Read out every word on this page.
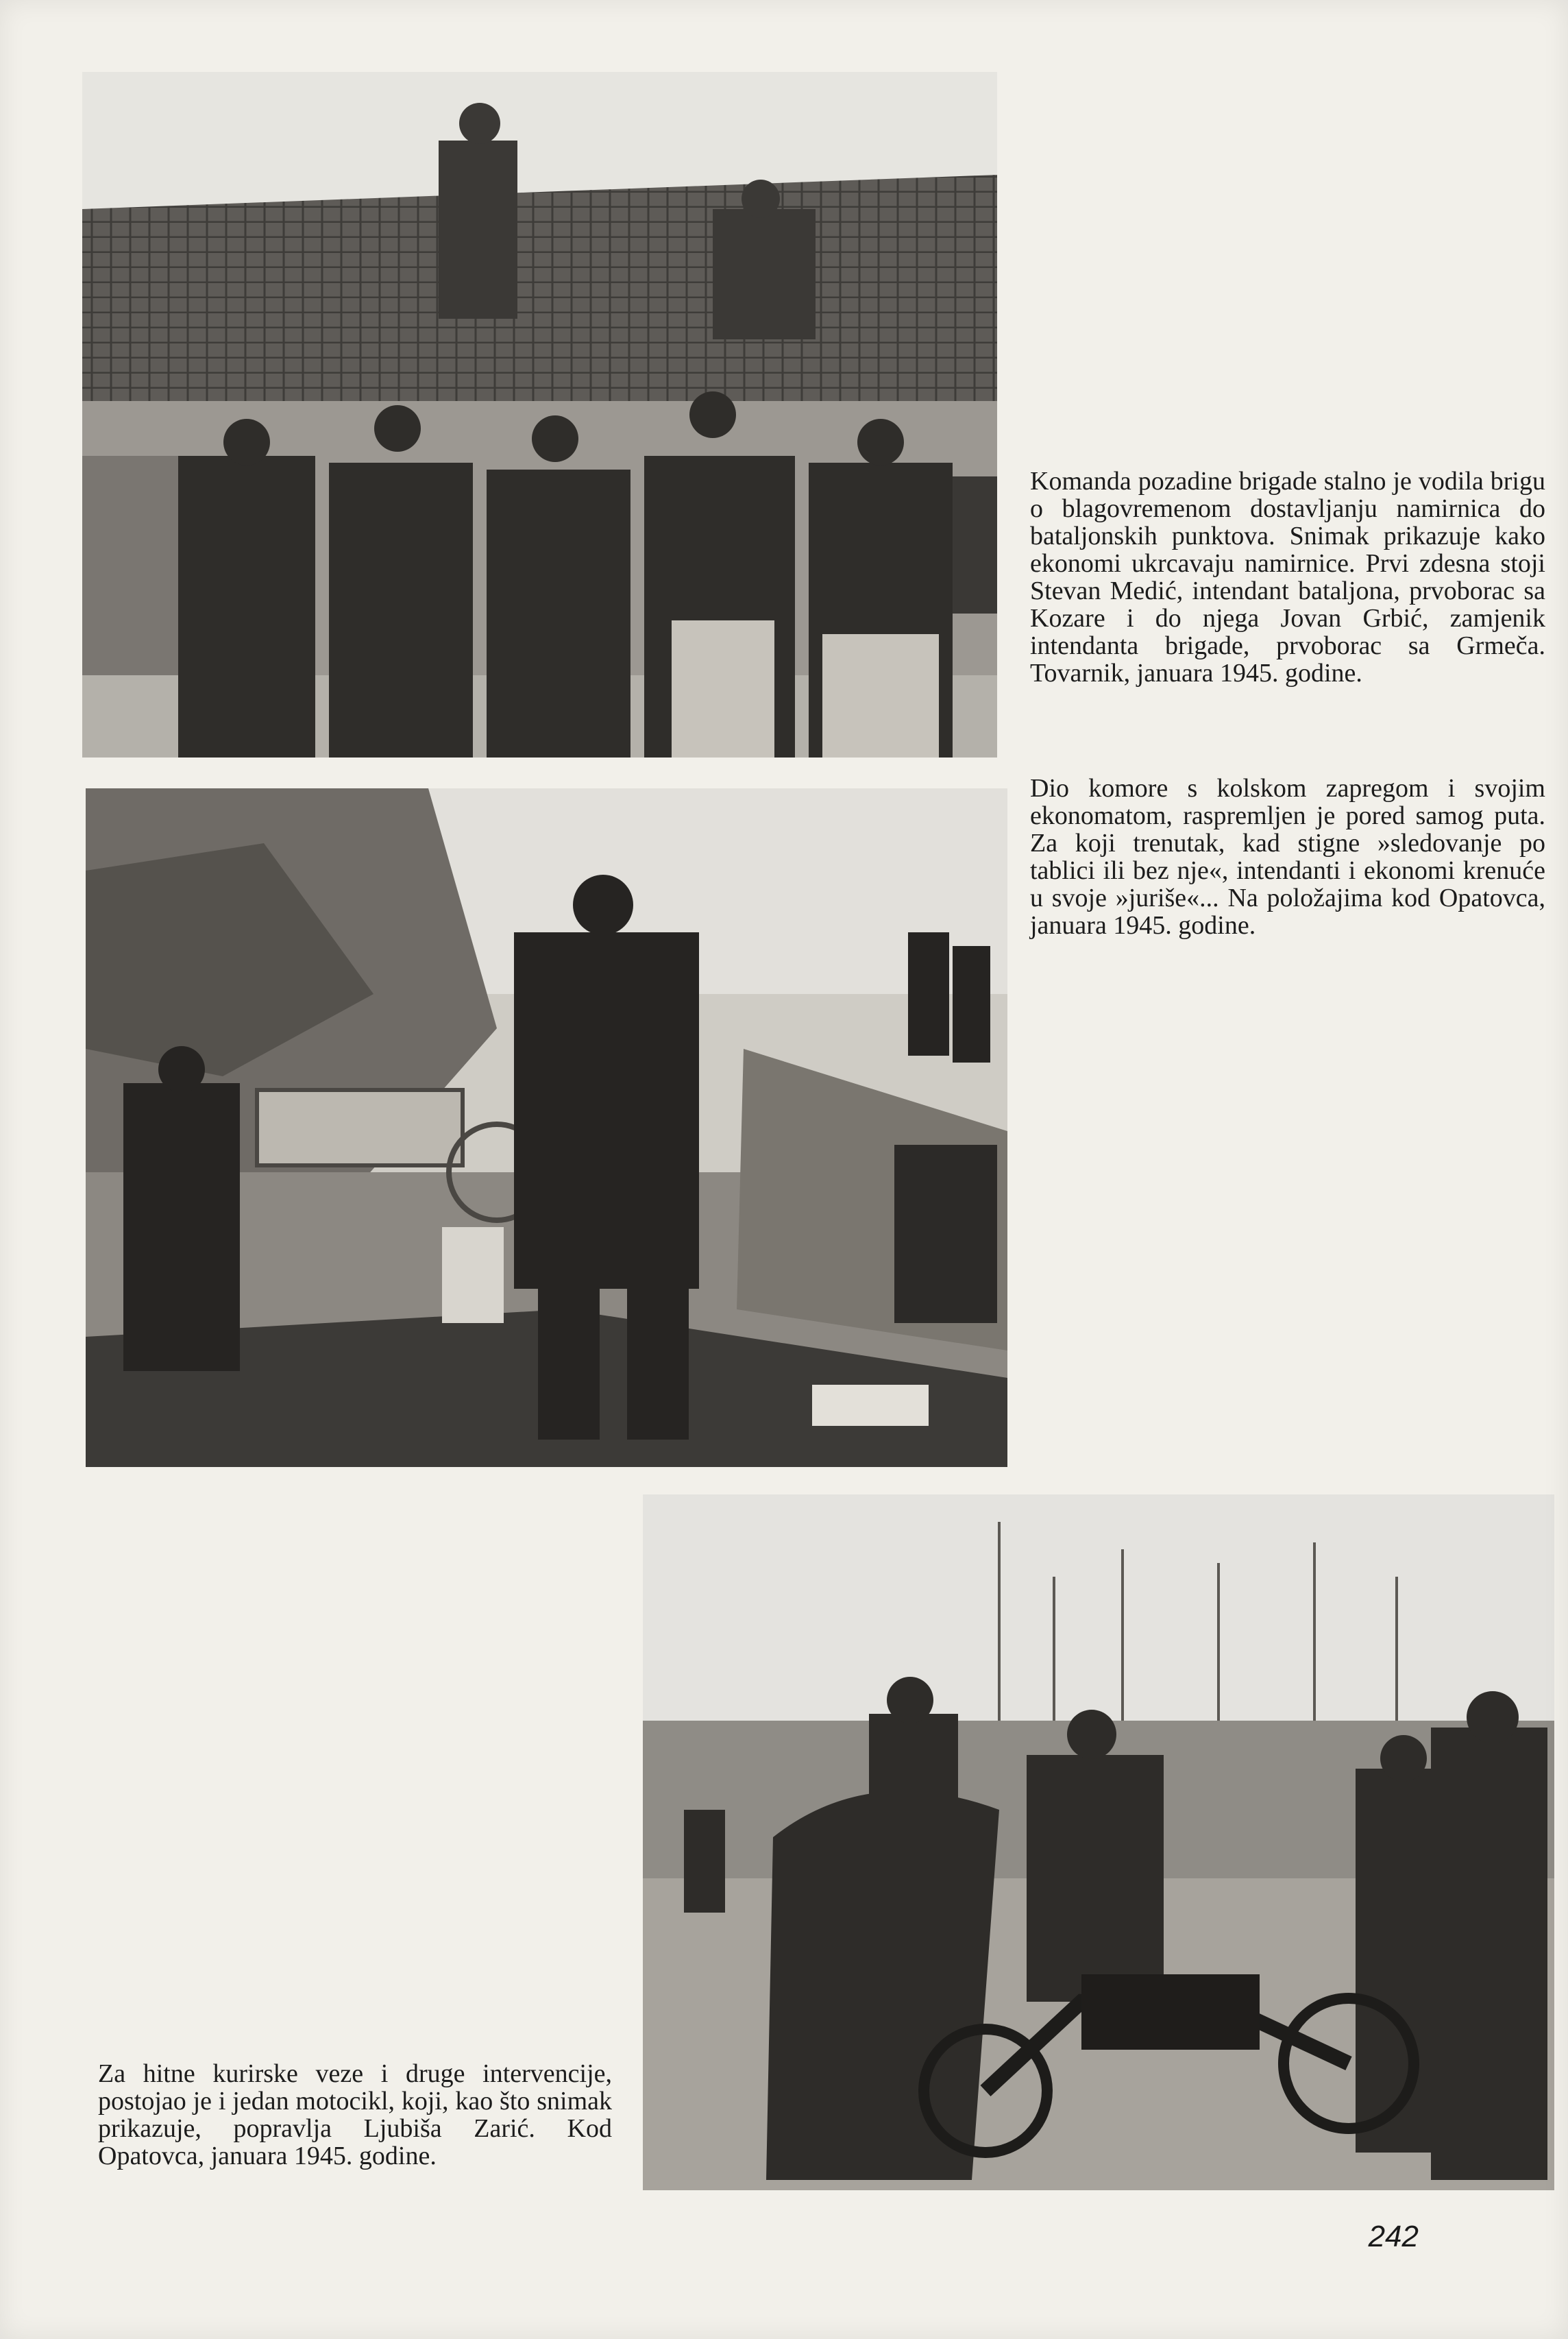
Komanda pozadine brigade stalno je vodila brigu o blagovremenom dostavljanju namirnica do bataljonskih punktova. Snimak prikazuje kako ekonomi ukrcavaju namirnice. Prvi zdesna stoji Stevan Medić, intendant bataljona, prvoborac sa Kozare i do njega Jovan Grbić, zamjenik intendanta brigade, prvoborac sa Grmeča. Tovarnik, januara 1945. godine.

Dio komore s kolskom zapregom i svojim ekonomatom, raspremljen je pored samog puta. Za koji trenutak, kad stigne »sledovanje po tablici ili bez nje«, intendanti i ekonomi krenuće u svoje »juriše«... Na položajima kod Opatovca, januara 1945. godine.

Za hitne kurirske veze i druge intervencije, postojao je i jedan motocikl, koji, kao što snimak prikazuje, popravlja Ljubiša Zarić. Kod Opatovca, januara 1945. godine.

242
